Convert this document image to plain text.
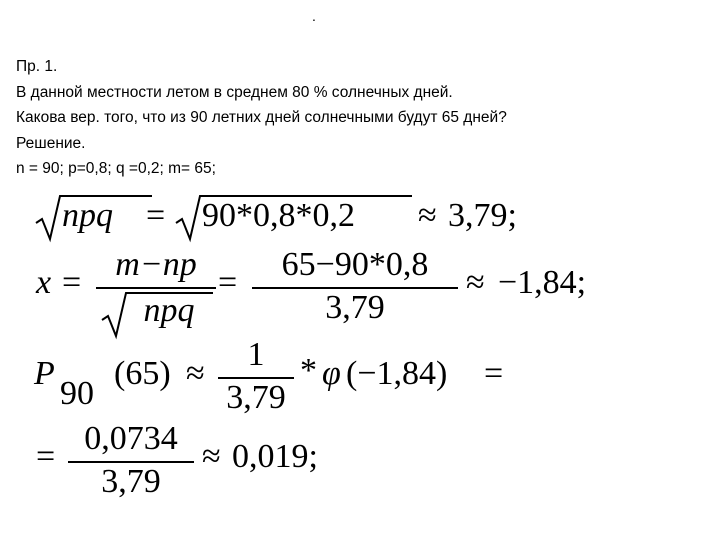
.
Пр. 1.
В данной местности летом в среднем 80 % солнечных дней.
Какова вер. того, что из 90 летних дней солнечными будут 65 дней?
Решение.
n = 90; p=0,8; q =0,2; m= 65;
npq = 90*0,8*0,2 ≈ 3,79;
x =	m−np
npq
=	65−90*0,8
3,79
≈ −1,84;
P
90
(65) ≈
1
3,79
* φ (−1,84) =
= 0,0734
3,79
≈ 0,019;
